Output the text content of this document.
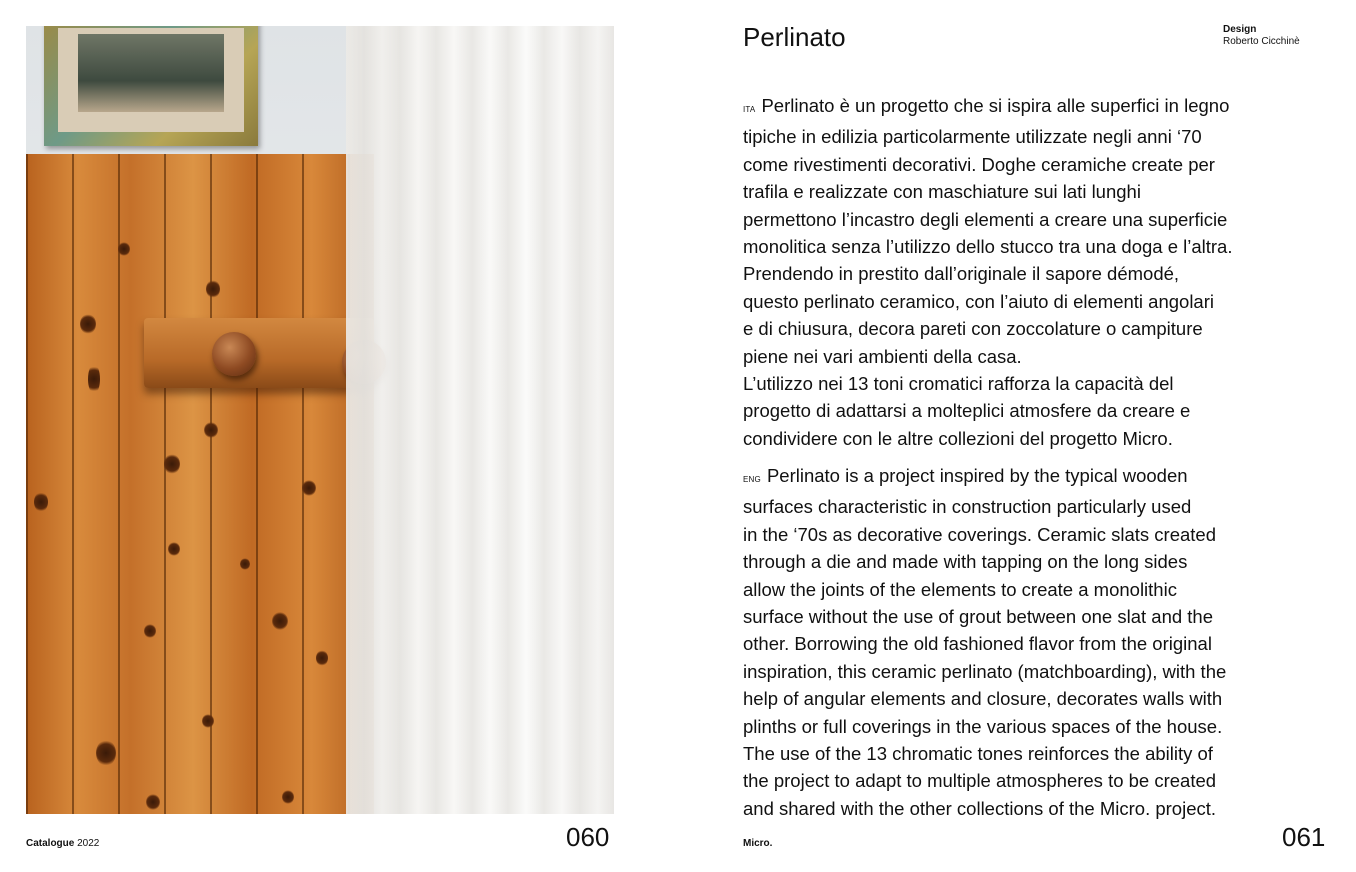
Perlinato	Design
Roberto Cicchinè

ITA Perlinato è un progetto che si ispira alle superfici in legno
tipiche in edilizia particolarmente utilizzate negli anni ‘70
come rivestimenti decorativi. Doghe ceramiche create per
trafila e realizzate con maschiature sui lati lunghi
permettono l’incastro degli elementi a creare una superficie
monolitica senza l’utilizzo dello stucco tra una doga e l’altra.
Prendendo in prestito dall’originale il sapore démodé,
questo perlinato ceramico, con l’aiuto di elementi angolari
e di chiusura, decora pareti con zoccolature o campiture
piene nei vari ambienti della casa.
L’utilizzo nei 13 toni cromatici rafforza la capacità del
progetto di adattarsi a molteplici atmosfere da creare e
condividere con le altre collezioni del progetto Micro.

ENG Perlinato is a project inspired by the typical wooden
surfaces characteristic in construction particularly used
in the ‘70s as decorative coverings. Ceramic slats created
through a die and made with tapping on the long sides
allow the joints of the elements to create a monolithic
surface without the use of grout between one slat and the
other. Borrowing the old fashioned flavor from the original
inspiration, this ceramic perlinato (matchboarding), with the
help of angular elements and closure, decorates walls with
plinths or full coverings in the various spaces of the house.
The use of the 13 chromatic tones reinforces the ability of
the project to adapt to multiple atmospheres to be created
and shared with the other collections of the Micro. project.

Catalogue 2022	060	Micro.	061
